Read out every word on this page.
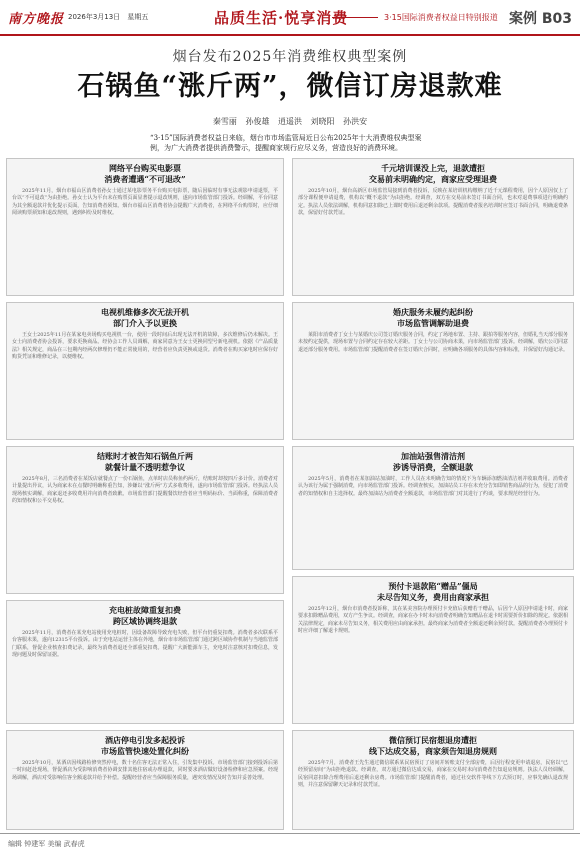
南方晚报 2026年3月13日 星期五	品质生活·悦享消费	3·15国际消费者权益日特别报道 案例 B03
烟台发布2025年消费维权典型案例
石锅鱼“涨斤两”，微信订房退款难
秦雪丽 孙俊雄 逍遥洪 刘晓阳 孙洪安
“3·15”国际消费者权益日来临，烟台市市场监管局近日公布2025年十大消费维权典型案例，为广大消费者提供消费警示，提醒商家规行应尽义务，营造良好的消费环境。
网络平台购买电影票
消费者遭遇“不可退改”

2025年11月，烟台市福山区消费者孙女士通过某电影票务平台购买电影票，随后因临时有事无法观影申请退票，平台以“不可退改”为由拒绝。孙女士认为平台未在购票页面显著提示退改规则，遂向市场监管部门投诉。经调解，平台同意为其全额退款并优化提示页面，告知消费者须知。烟台市福山区消费者协会提醒广大消费者，在网络平台购票时，应仔细阅读购票须知和退改规则，遇到纠纷及时维权。

电视机维修多次无法开机
部门介入予以更换

王女士2025年11月在某家电卖场购买电视机一台，使用一段时间后出现无法开机的故障，多次维修后仍未解决。王女士向消费者协会投诉，要求更换商品。经协会工作人员调解，商家同意为王女士更换同型号新电视机。依据《产品质量法》相关规定，商品在三包期内经两次修理仍不能正常使用的，经营者应负责更换或退货。消费者在购买家电时应保存好购货凭证和维修记录，以便维权。

结账时才被告知石锅鱼斤两
就餐计量不透明惹争议

2025年8月，三名消费者在某饭店就餐点了一份石锅鱼，点单时店员称鱼约两斤，结账时却按四斤多计价。消费者对计量提出异议，认为商家未在点餐时明确称重告知，涉嫌以“涨斤两”方式多收费用，遂向市场监管部门投诉。经执法人员现场核实调解，商家退还多收费用并向消费者致歉。市场监管部门提醒餐饮经营者应当明码标价、当面称重，保障消费者的知情权和公平交易权。

充电桩故障重复扣费
跨区域协调终退款

2025年11月，消费者在某充电站使用充电桩时，因设备故障导致充电失败，但平台仍重复扣费。消费者多次联系平台客服未果，遂向12315平台投诉。由于充电站运营主体在外地，烟台市市场监管部门通过跨区域协作机制与当地监管部门联系，督促企业核查扣费记录，最终为消费者退还全部重复扣费。提醒广大新能源车主，充电时注意核对扣费信息，发现问题及时保留证据。

酒店停电引发多起投诉
市场监管快速处置化纠纷

2025年10月，某酒店因线路检修突然停电，数十名住客无法正常入住，引发集中投诉。市场监管部门接到投诉后第一时间赶赴现场，督促酒店为受影响消费者协调安排其他住宿或办理退款，同时要求酒店做好设备检修和应急预案。经现场调解，酒店对受影响住客全额退款并给予补偿。提醒经营者应当保障服务质量，遇突发情况及时告知并妥善处理。

千元培训课没上完，退款遭拒
交易前未明确约定，商家应受理退费

2025年10月，烟台高新区市场监管局接到消费者投诉，反映在某培训机构缴纳了近千元课程费用，因个人原因仅上了部分课程便申请退费，机构以“概不退款”为由拒绝。经调查，双方在交易前未签订书面合同，也未对退费事项进行明确约定。执法人员依法调解，机构同意扣除已上课时费用后退还剩余款项。提醒消费者报名培训时应签订书面合同，明确退费条款，保留好付款凭证。

婚庆服务未履约起纠纷
市场监管调解助退费

莱阳市消费者丁女士与某婚庆公司签订婚庆服务合同，约定了场地布置、主持、跟拍等服务内容，但婚礼当天部分服务未按约定提供，现场布置与合同约定存在较大差距。丁女士与公司协商未果，向市场监管部门投诉。经调解，婚庆公司同意退还部分服务费用。市场监管部门提醒消费者在签订婚庆合同时，应明确各项服务的具体内容和标准，并保留好沟通记录。

加油站强售清洁剂
涉诱导消费，全额退款

2025年5月，消费者在某加油站加油时，工作人员在未明确告知的情况下为车辆添加燃油清洁剂并收取费用。消费者认为该行为属于强制消费，向市场监管部门投诉。经调查核实，加油站员工存在未充分告知即销售商品的行为，侵犯了消费者的知情权和自主选择权。最终加油站为消费者全额退款，市场监管部门对其进行了约谈，要求规范经营行为。

预付卡退款陷“赠品”僵局
未尽告知义务，费用由商家承担

2025年12月，烟台市消费者投诉称，其在某美容院办理预付卡充值后获赠若干赠品，后因个人原因申请退卡时，商家要求扣除赠品费用，双方产生争议。经调查，商家在办卡时未向消费者明确告知赠品在退卡时需要折价扣除的规定。依据相关法律规定，商家未尽告知义务，相关费用应由商家承担。最终商家为消费者全额退还剩余预付款。提醒消费者办理预付卡时应详细了解退卡规则。

微信预订民宿想退房遭拒
线下达成交易，商家须告知退房规则

2025年7月，消费者王先生通过微信联系某民宿预订了房间并转账支付全部房费，后因行程变更申请退房，民宿以“已经预留房间”为由拒绝退款。经调查，双方通过微信达成交易，商家在交易时未向消费者告知退房规则。执法人员经调解，民宿同意扣除合理费用后退还剩余房费。市场监管部门提醒消费者，通过社交软件等线下方式预订时，应事先确认退改规则，并注意保留聊天记录和付款凭证。

编辑 钟建军 美编 武春虎
